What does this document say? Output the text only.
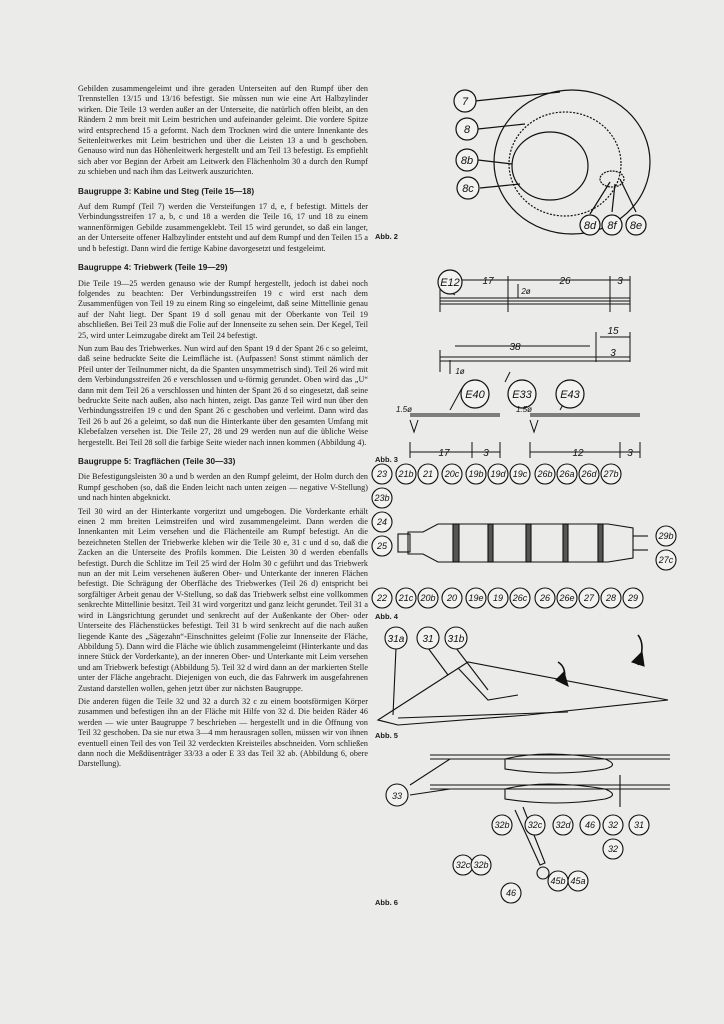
Gebilden zusammengeleimt und ihre geraden Unterseiten auf den Rumpf über den Trennstellen 13/15 und 13/16 befestigt. Sie müssen nun wie eine Art Halbzylinder wirken. Die Teile 13 werden außer an der Unterseite, die natürlich offen bleibt, an den Rändern 2 mm breit mit Leim bestrichen und aufeinander geleimt. Die vordere Spitze wird entsprechend 15 a geformt. Nach dem Trocknen wird die untere Innenkante des Seitenleitwerkes mit Leim bestrichen und über die Leisten 13 a und b geschoben. Genauso wird nun das Höhenleitwerk hergestellt und am Teil 13 befestigt. Es empfiehlt sich aber vor Beginn der Arbeit am Leitwerk den Flächenholm 30 a durch den Rumpf zu schieben und nach ihm das Leitwerk auszurichten.

Baugruppe 3: Kabine und Steg (Teile 15—18)

Auf dem Rumpf (Teil 7) werden die Versteifungen 17 d, e, f befestigt. Mittels der Verbindungsstreifen 17 a, b, c und 18 a werden die Teile 16, 17 und 18 zu einem wannenförmigen Gebilde zusammengeklebt. Teil 15 wird gerundet, so daß ein langer, an der Unterseite offener Halbzylinder entsteht und auf dem Rumpf und den Teilen 15 a und b befestigt. Dann wird die fertige Kabine davorgesetzt und festgeleimt.

Baugruppe 4: Triebwerk (Teile 19—29)

Die Teile 19—25 werden genauso wie der Rumpf hergestellt, jedoch ist dabei noch folgendes zu beachten: Der Verbindungsstreifen 19 c wird erst nach dem Zusammenfügen von Teil 19 zu einem Ring so eingeleimt, daß seine Mittellinie genau auf der Naht liegt. Der Spant 19 d soll genau mit der Oberkante von Teil 19 abschließen. Bei Teil 23 muß die Folie auf der Innenseite zu sehen sein. Der Kegel, Teil 25, wird unter Leimzugabe direkt am Teil 24 befestigt.

Nun zum Bau des Triebwerkes. Nun wird auf den Spant 19 d der Spant 26 c so geleimt, daß seine bedruckte Seite die Leimfläche ist. (Aufpassen! Sonst stimmt nämlich der Pfeil unter der Teilnummer nicht, da die Spanten unsymmetrisch sind). Teil 26 wird mit dem Verbindungsstreifen 26 e verschlossen und u-förmig gerundet. Oben wird das „U“ dann mit dem Teil 26 a verschlossen und hinten der Spant 26 d so eingesetzt, daß seine bedruckte Seite nach außen, also nach hinten, zeigt. Das ganze Teil wird nun über den Verbindungsstreifen 19 c und den Spant 26 c geschoben und verleimt. Dann wird das Teil 26 b auf 26 a geleimt, so daß nun die Hinterkante über den gesamten Umfang mit Klebefalzen versehen ist. Die Teile 27, 28 und 29 werden nun auf die übliche Weise hergestellt. Bei Teil 28 soll die farbige Seite wieder nach innen kommen (Abbildung 4).

Baugruppe 5: Tragflächen (Teile 30—33)

Die Befestigungsleisten 30 a und b werden an den Rumpf geleimt, der Holm durch den Rumpf geschoben (so, daß die Enden leicht nach unten zeigen — negative V-Stellung) und nach hinten abgeknickt.

Teil 30 wird an der Hinterkante vorgeritzt und umgebogen. Die Vorderkante erhält einen 2 mm breiten Leimstreifen und wird zusammengeleimt. Dann werden die Innenkanten mit Leim versehen und die Flächenteile am Rumpf befestigt. An die bezeichneten Stellen der Triebwerke kleben wir die Teile 30 e, 31 c und d so, daß die Zacken an die Unterseite des Profils kommen. Die Leisten 30 d werden ebenfalls befestigt. Durch die Schlitze im Teil 25 wird der Holm 30 c geführt und das Triebwerk nun an der mit Leim versehenen äußeren Ober- und Unterkante der inneren Flächen befestigt. Die Schrägung der Oberfläche des Triebwerkes (Teil 26 d) entspricht bei sorgfältiger Arbeit genau der V-Stellung, so daß das Triebwerk selbst eine vollkommen senkrechte Mittellinie besitzt. Teil 31 wird vorgeritzt und ganz leicht gerundet. Teil 31 a wird in Längsrichtung gerundet und senkrecht auf der Außenkante der Ober- oder Unterseite des Flächenstückes befestigt. Teil 31 b wird senkrecht auf die nach außen liegende Kante des „Sägezahn“-Einschnittes geleimt (Folie zur Innenseite der Fläche, Abbildung 5). Dann wird die Fläche wie üblich zusammengeleimt (Hinterkante und das innere Stück der Vorderkante), an der inneren Ober- und Unterkante mit Leim versehen und am Triebwerk befestigt (Abbildung 5). Teil 32 d wird dann an der markierten Stelle unter der Fläche angebracht. Diejenigen von euch, die das Fahrwerk im ausgefahrenen Zustand darstellen wollen, gehen jetzt über zur nächsten Baugruppe.

Die anderen fügen die Teile 32 und 32 a durch 32 c zu einem bootsförmigen Körper zusammen und befestigen ihn an der Fläche mit Hilfe von 32 d. Die beiden Räder 46 werden — wie unter Baugruppe 7 beschrieben — hergestellt und in die Öffnung von Teil 32 geschoben. Da sie nur etwa 3—4 mm herausragen sollen, müssen wir von ihnen eventuell einen Teil des von Teil 32 verdeckten Kreisteiles abschneiden. Vorn schließen dann noch die Meßdüsenträger 33/33 a oder E 33 das Teil 32 ab. (Abbildung 6, obere Darstellung).

Abb. 2
Abb. 3
Abb. 4
Abb. 5
Abb. 6
7
8
8b
8c
8d 8f 8e
E12
E40 E33	E43
17	26	3
2ø
15
38
1ø
3
1.5ø
17	3
1.5ø
12	3
23 21b 21 20c 19b 19d 19c 26b 26a 26d 27b
23b
24
25
29b
27c
22 21c 20b 20 19e 19 26c 26 26e 27 28 29
31a 31 31b
33
32b 32c 32d 46 32 31
32
32c 32b
46
45b 45a
